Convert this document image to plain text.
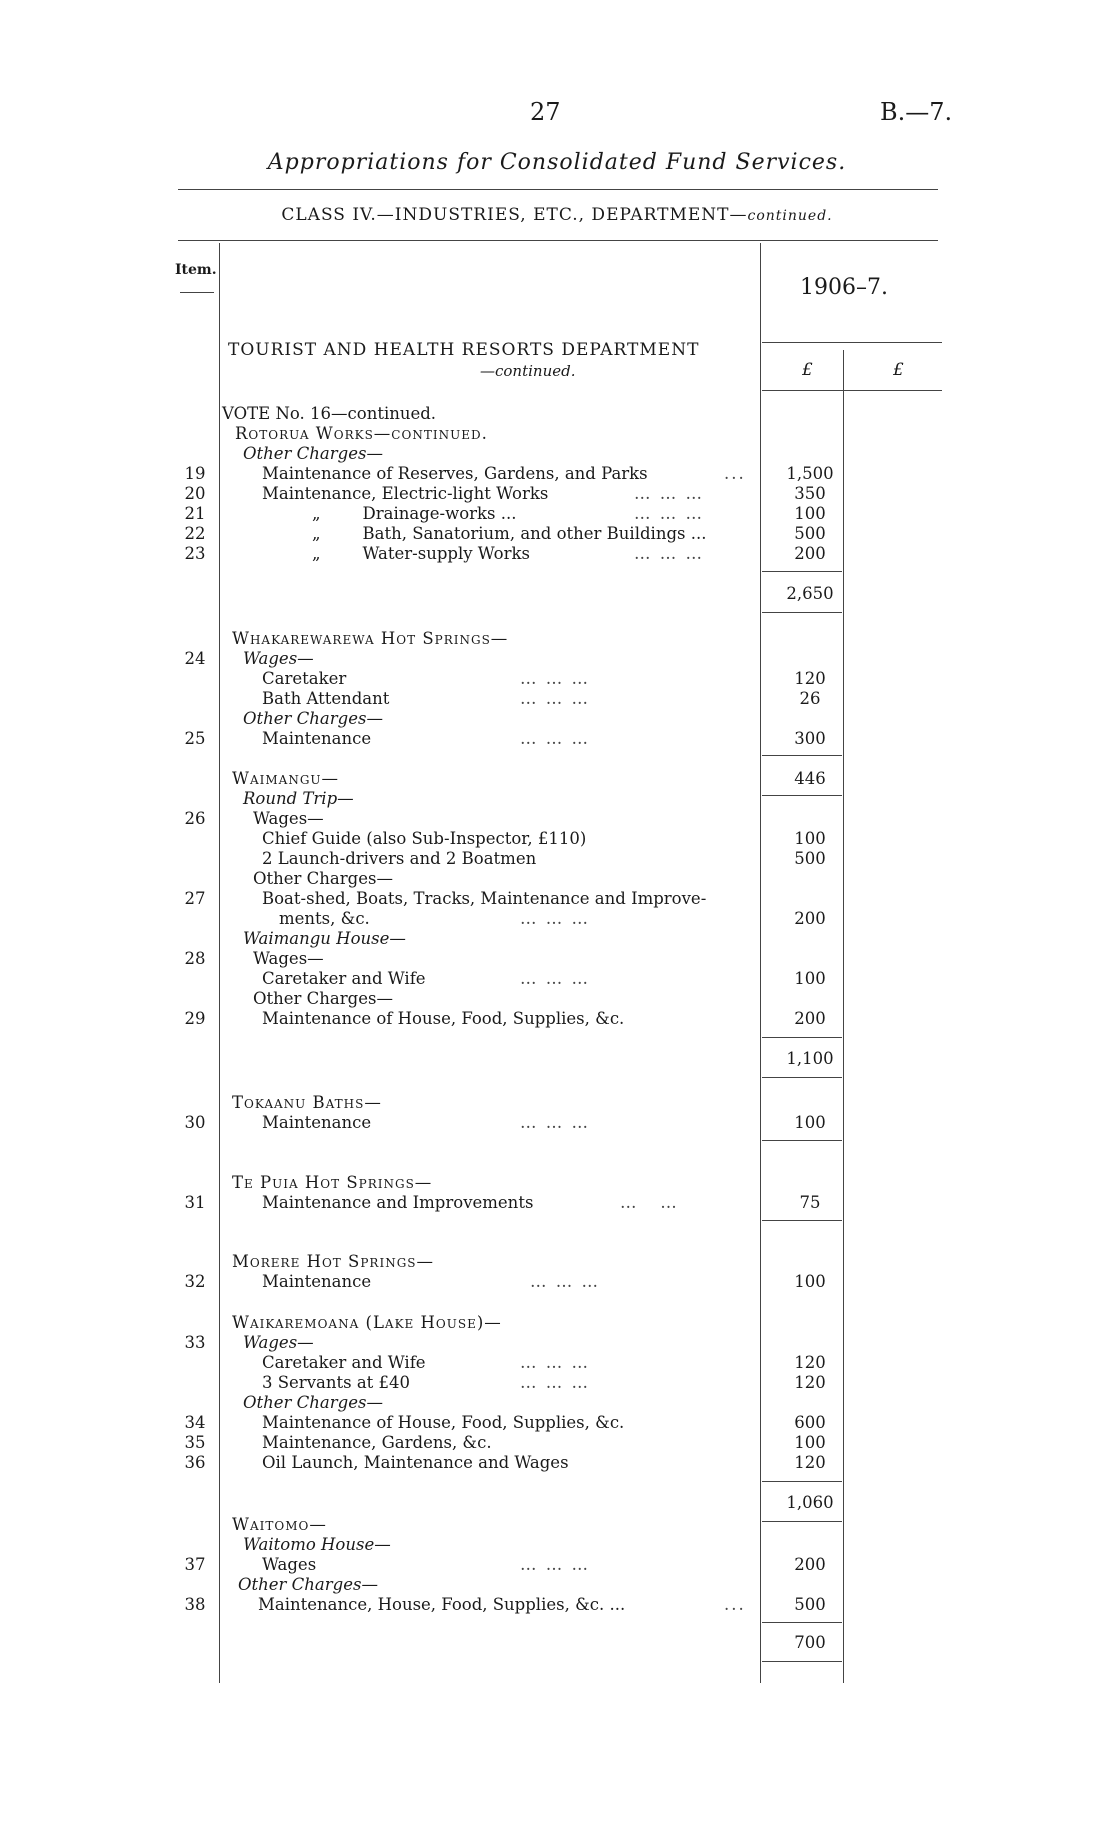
27	B.—7.
Appropriations for Consolidated Fund Services.
CLASS IV.—INDUSTRIES, ETC., DEPARTMENT—continued.
Item.
1906–7.
TOURIST AND HEALTH RESORTS DEPARTMENT
—continued.	£	£
VOTE No. 16—continued.
Rotorua Works—continued.
Other Charges—
19	Maintenance of Reserves, Gardens, and Parks	...	1,500
20	Maintenance, Electric-light Works	… … …	350
21	„        Drainage-works ...	… … …	100
22	„        Bath, Sanatorium, and other Buildings ...	500
23	„        Water-supply Works	… … …	200
2,650
Whakarewarewa Hot Springs—
24 Wages—
Caretaker	… … …	120
Bath Attendant	… … …	26
Other Charges—
25	Maintenance	… … …	300
Waimangu—	446
Round Trip—
26	Wages—
Chief Guide (also Sub-Inspector, £110)	100
2 Launch-drivers and 2 Boatmen	500
Other Charges—
27	Boat-shed, Boats, Tracks, Maintenance and Improve-
ments, &c.	… … …	200
Waimangu House—
28	Wages—
Caretaker and Wife	… … …	100
Other Charges—
29	Maintenance of House, Food, Supplies, &c.	200
1,100
Tokaanu Baths—
30	Maintenance	… … …	100
Te Puia Hot Springs—
31	Maintenance and Improvements	…   …	75
Morere Hot Springs—
32	Maintenance	… … …	100
Waikaremoana (Lake House)—
33 Wages—
Caretaker and Wife	… … …	120
3 Servants at £40	… … …	120
Other Charges—
34	Maintenance of House, Food, Supplies, &c.	600
35	Maintenance, Gardens, &c.	100
36	Oil Launch, Maintenance and Wages	120
1,060
Waitomo—
Waitomo House—
37	Wages	… … …	200
Other Charges—
38	Maintenance, House, Food, Supplies, &c. ...	...	500
700
